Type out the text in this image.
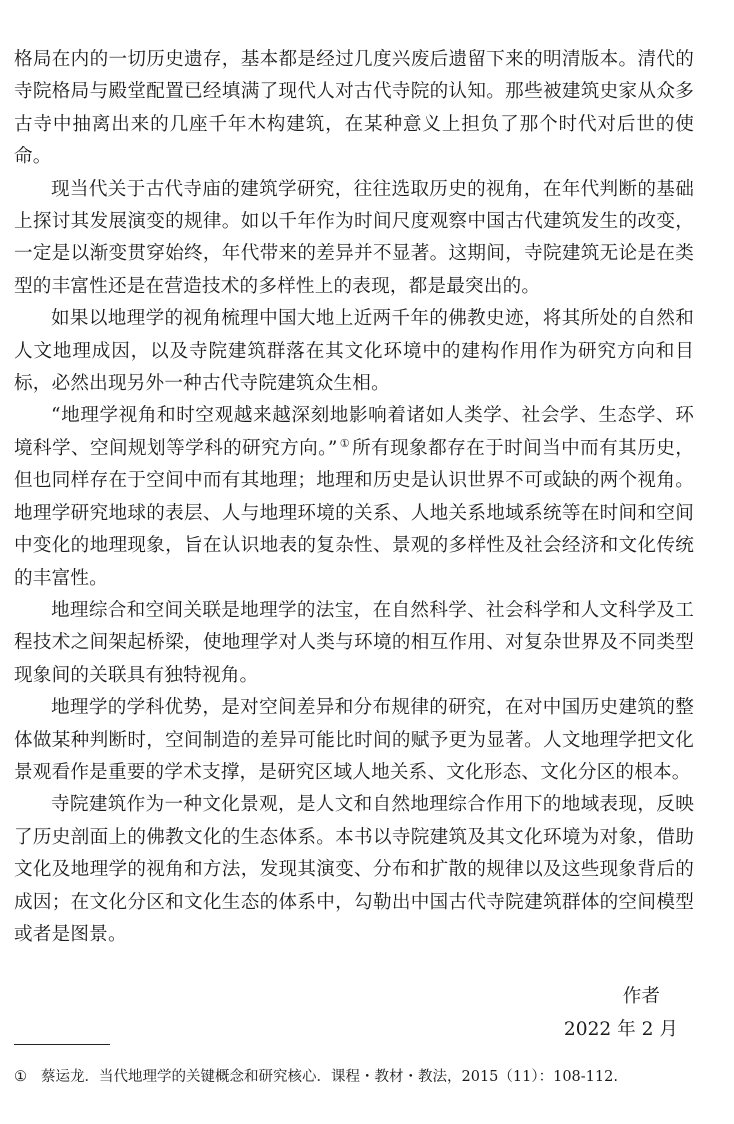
格局在内的一切历史遗存，基本都是经过几度兴废后遗留下来的明清版本。清代的寺院格局与殿堂配置已经填满了现代人对古代寺院的认知。那些被建筑史家从众多古寺中抽离出来的几座千年木构建筑，在某种意义上担负了那个时代对后世的使命。

现当代关于古代寺庙的建筑学研究，往往选取历史的视角，在年代判断的基础上探讨其发展演变的规律。如以千年作为时间尺度观察中国古代建筑发生的改变，一定是以渐变贯穿始终，年代带来的差异并不显著。这期间，寺院建筑无论是在类型的丰富性还是在营造技术的多样性上的表现，都是最突出的。

如果以地理学的视角梳理中国大地上近两千年的佛教史迹，将其所处的自然和人文地理成因，以及寺院建筑群落在其文化环境中的建构作用作为研究方向和目标，必然出现另外一种古代寺院建筑众生相。

“地理学视角和时空观越来越深刻地影响着诸如人类学、社会学、生态学、环境科学、空间规划等学科的研究方向。” ① 所有现象都存在于时间当中而有其历史，但也同样存在于空间中而有其地理；地理和历史是认识世界不可或缺的两个视角。地理学研究地球的表层、人与地理环境的关系、人地关系地域系统等在时间和空间中变化的地理现象，旨在认识地表的复杂性、景观的多样性及社会经济和文化传统的丰富性。

地理综合和空间关联是地理学的法宝，在自然科学、社会科学和人文科学及工程技术之间架起桥梁，使地理学对人类与环境的相互作用、对复杂世界及不同类型现象间的关联具有独特视角。

地理学的学科优势，是对空间差异和分布规律的研究，在对中国历史建筑的整体做某种判断时，空间制造的差异可能比时间的赋予更为显著。人文地理学把文化景观看作是重要的学术支撑，是研究区域人地关系、文化形态、文化分区的根本。

寺院建筑作为一种文化景观，是人文和自然地理综合作用下的地域表现，反映了历史剖面上的佛教文化的生态体系。本书以寺院建筑及其文化环境为对象，借助文化及地理学的视角和方法，发现其演变、分布和扩散的规律以及这些现象背后的成因；在文化分区和文化生态的体系中，勾勒出中国古代寺院建筑群体的空间模型或者是图景。

作者
2022 年 2 月
① 蔡运龙．当代地理学的关键概念和研究核心．课程・教材・教法，2015（11）：108-112.
